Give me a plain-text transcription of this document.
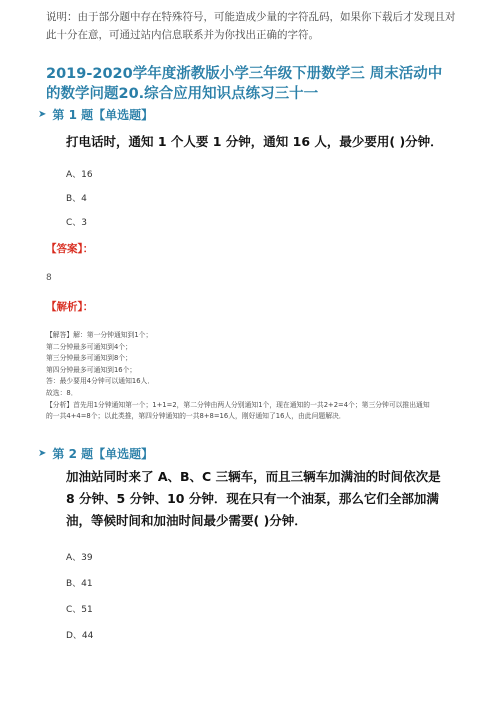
说明：由于部分题中存在特殊符号，可能造成少量的字符乱码，如果你下载后才发现且对此十分在意，可通过站内信息联系并为你找出正确的字符。
2019-2020学年度浙教版小学三年级下册数学三 周末活动中
的数学问题20.综合应用知识点练习三十一
➤ 第 1 题【单选题】
打电话时，通知 1 个人要 1 分钟，通知 16 人，最少要用( )分钟．
A、16
B、4
C、3
【答案】：
8
【解析】：
【解答】解：第一分钟通知到1个；
第二分钟最多可通知到4个；
第三分钟最多可通知到8个；
第四分钟最多可通知到16个；
答：最少要用4分钟可以通知16人．
故选：8．
【分析】首先用1分钟通知第一个；1+1=2，第二分钟由两人分别通知1个，现在通知的一共2+2=4个；第三分钟可以推出通知
的一共4+4=8个；以此类推，第四分钟通知的一共8+8=16人，刚好通知了16人，由此问题解决．
➤ 第 2 题【单选题】
加油站同时来了 A、B、C 三辆车，而且三辆车加满油的时间依次是 8 分钟、5 分钟、10 分钟．现在只有一个油泵，那么它们全部加满油，等候时间和加油时间最少需要( )分钟．
A、39
B、41
C、51
D、44
